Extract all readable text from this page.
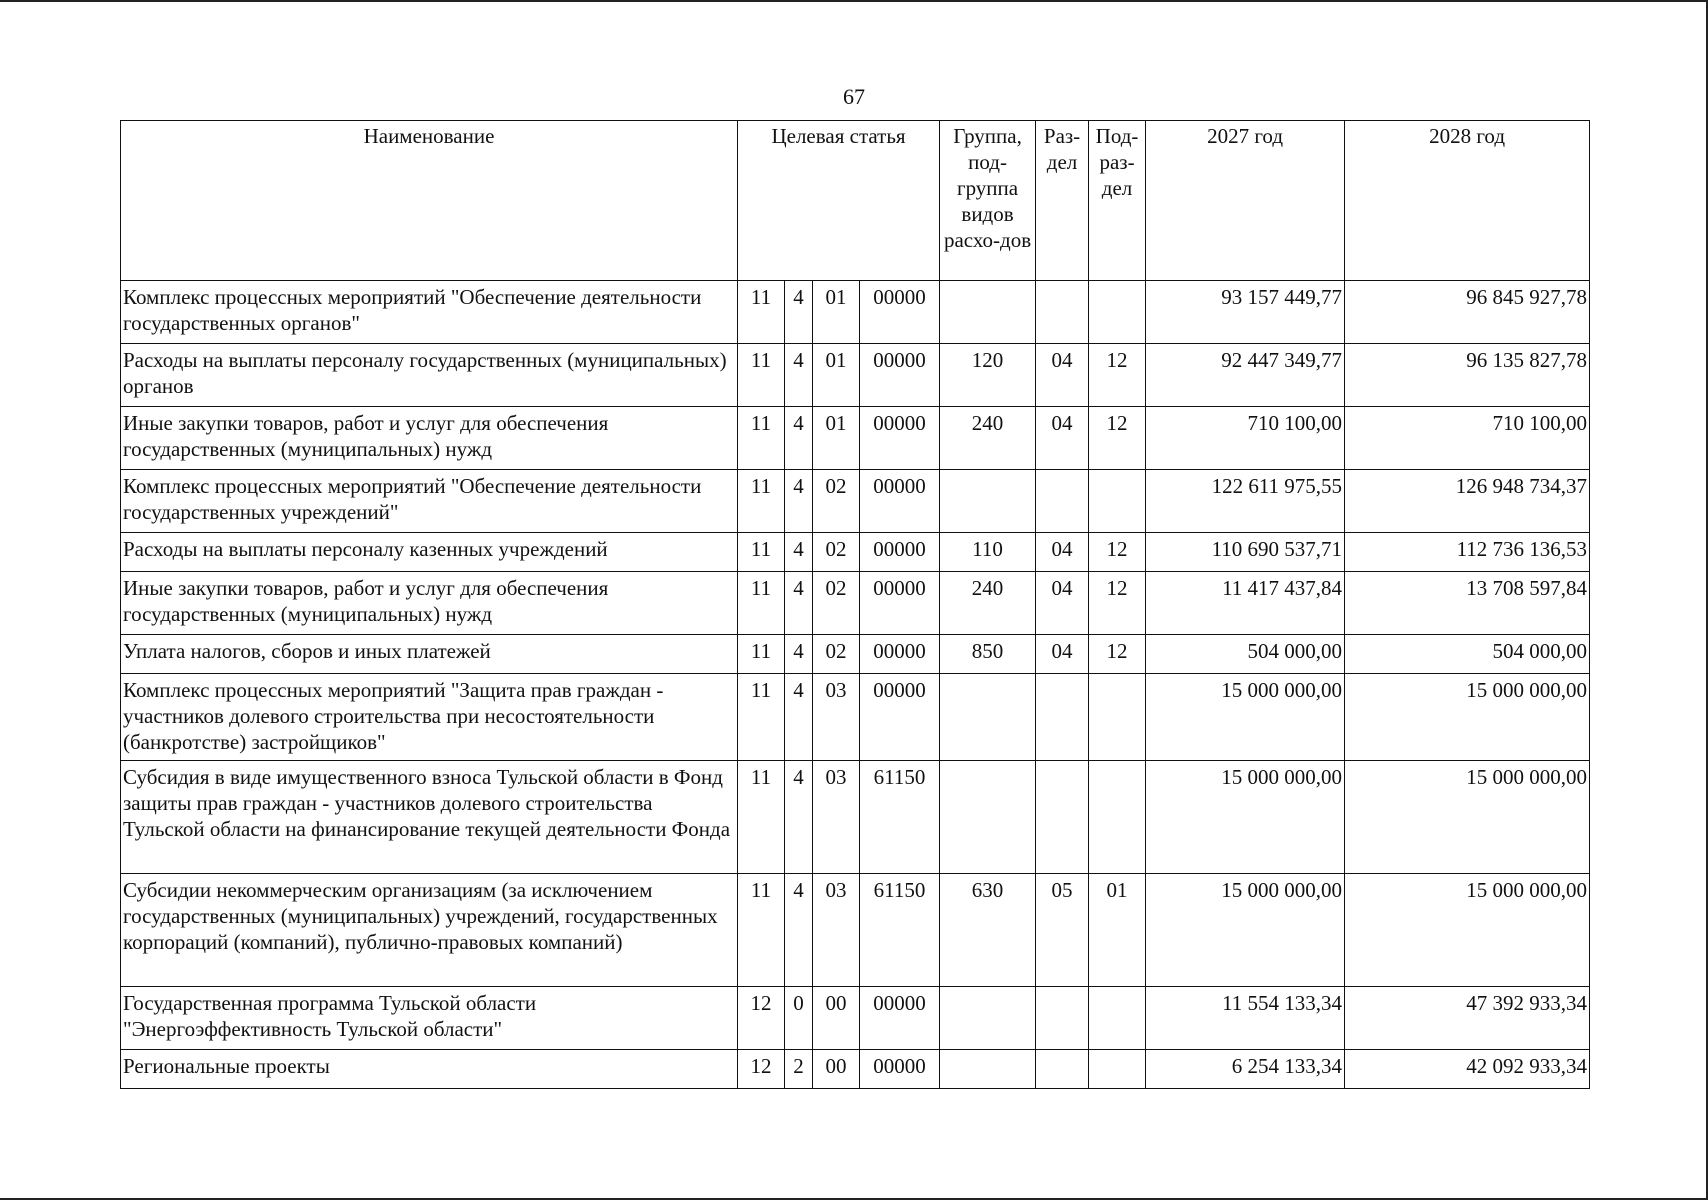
67
Наименование	Целевая статья				Группа, под-группа видов расхо-дов	Раз-дел	Под-раз-дел	2027 год	2028 год
Комплекс процессных мероприятий "Обеспечение деятельности государственных органов"	11	4	01	00000				93 157 449,77	96 845 927,78
Расходы на выплаты персоналу государственных (муниципальных) органов	11	4	01	00000	120	04	12	92 447 349,77	96 135 827,78
Иные закупки товаров, работ и услуг для обеспечения государственных (муниципальных) нужд	11	4	01	00000	240	04	12	710 100,00	710 100,00
Комплекс процессных мероприятий "Обеспечение деятельности государственных учреждений"	11	4	02	00000				122 611 975,55	126 948 734,37
Расходы на выплаты персоналу казенных учреждений	11	4	02	00000	110	04	12	110 690 537,71	112 736 136,53
Иные закупки товаров, работ и услуг для обеспечения государственных (муниципальных) нужд	11	4	02	00000	240	04	12	11 417 437,84	13 708 597,84
Уплата налогов, сборов и иных платежей	11	4	02	00000	850	04	12	504 000,00	504 000,00
Комплекс процессных мероприятий "Защита прав граждан - участников долевого строительства при несостоятельности (банкротстве) застройщиков"	11	4	03	00000				15 000 000,00	15 000 000,00
Субсидия в виде имущественного взноса Тульской области в Фонд защиты прав граждан - участников долевого строительства Тульской области на финансирование текущей деятельности Фонда	11	4	03	61150				15 000 000,00	15 000 000,00
Субсидии некоммерческим организациям (за исключением государственных (муниципальных) учреждений, государственных корпораций (компаний), публично-правовых компаний)	11	4	03	61150	630	05	01	15 000 000,00	15 000 000,00
Государственная программа Тульской области "Энергоэффективность Тульской области"	12	0	00	00000				11 554 133,34	47 392 933,34
Региональные проекты	12	2	00	00000				6 254 133,34	42 092 933,34
